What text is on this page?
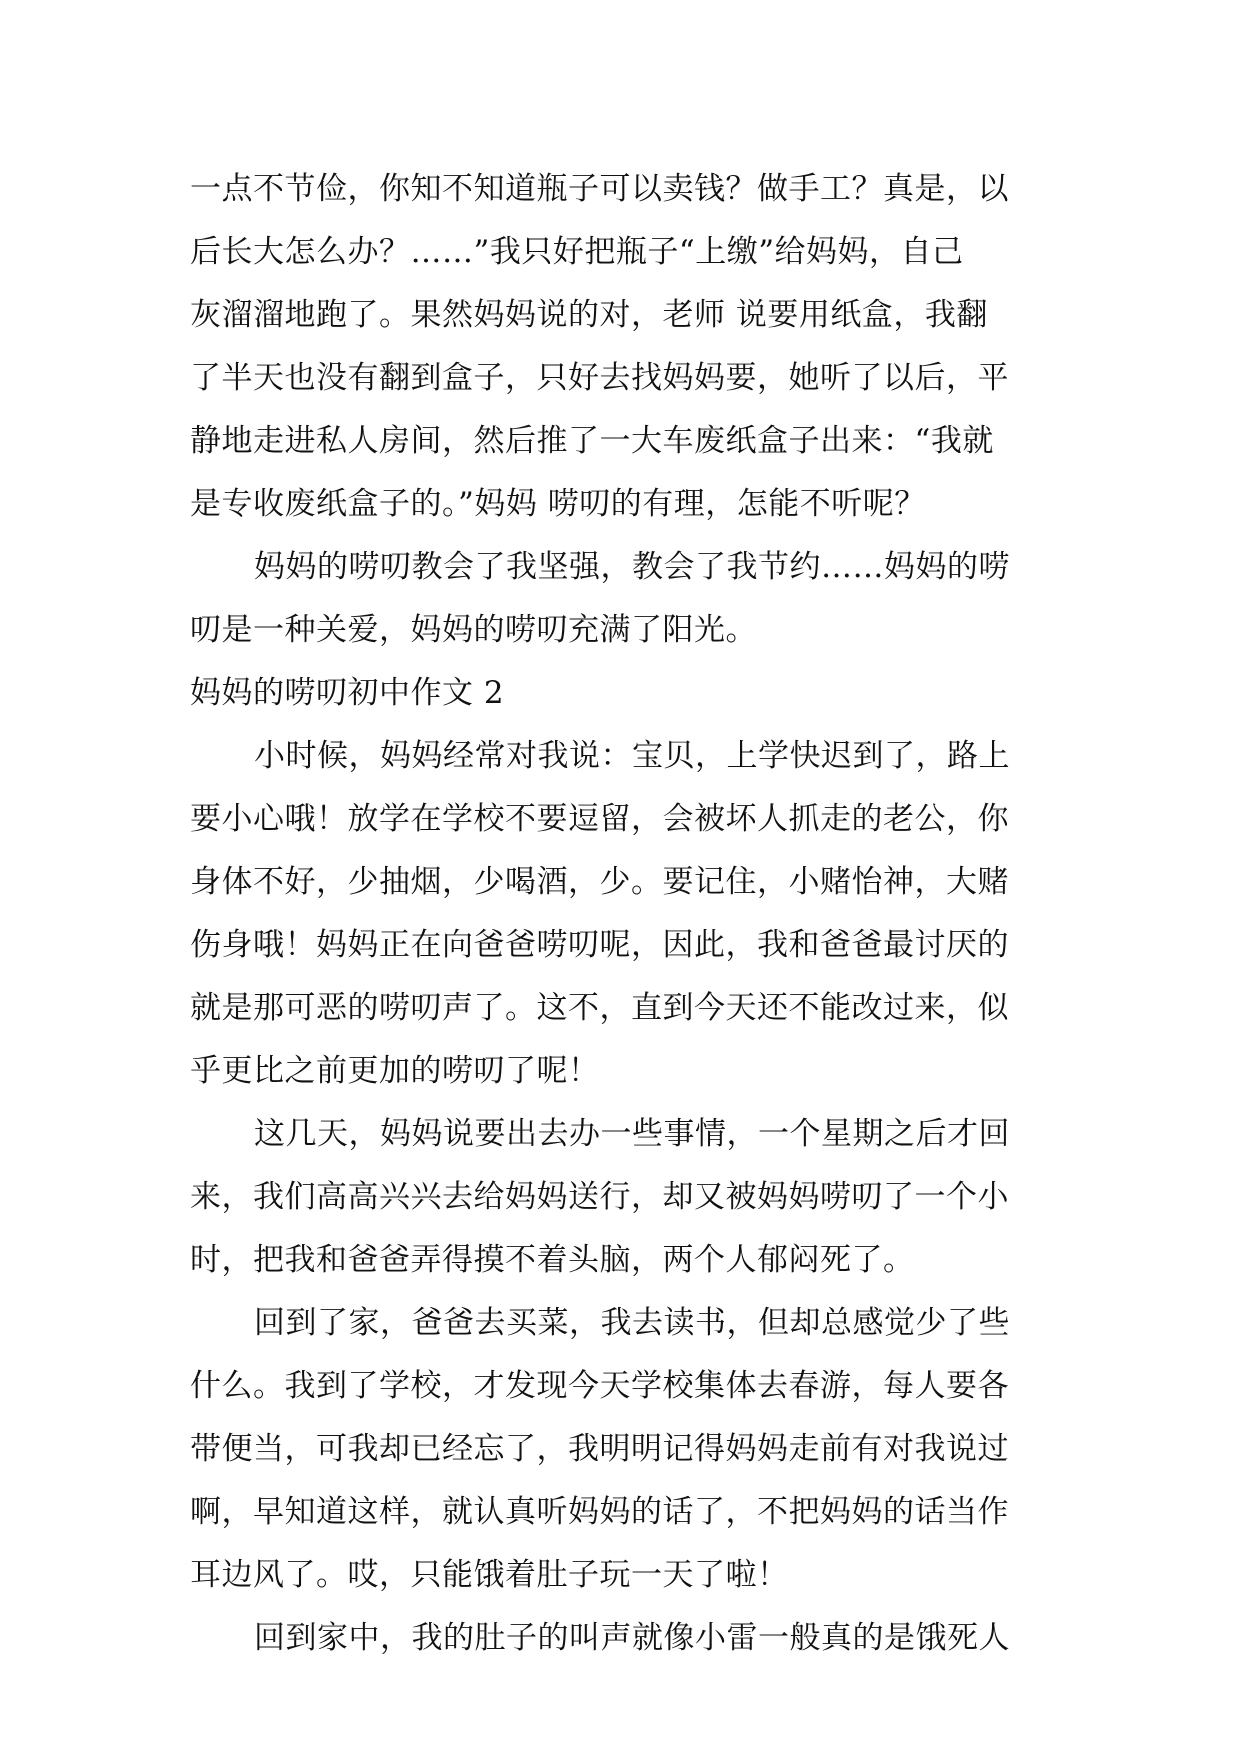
一点不节俭，你知不知道瓶子可以卖钱？做手工？真是，以
后长大怎么办？……”我只好把瓶子“上缴”给妈妈，自己
灰溜溜地跑了。果然妈妈说的对，老师 说要用纸盒，我翻
了半天也没有翻到盒子，只好去找妈妈要，她听了以后，平
静地走进私人房间，然后推了一大车废纸盒子出来：“我就
是专收废纸盒子的。”妈妈 唠叨的有理，怎能不听呢？
妈妈的唠叨教会了我坚强，教会了我节约……妈妈的唠
叨是一种关爱，妈妈的唠叨充满了阳光。
妈妈的唠叨初中作文 2
小时候，妈妈经常对我说：宝贝，上学快迟到了，路上
要小心哦！放学在学校不要逗留，会被坏人抓走的老公，你
身体不好，少抽烟，少喝酒，少。要记住，小赌怡神，大赌
伤身哦！妈妈正在向爸爸唠叨呢，因此，我和爸爸最讨厌的
就是那可恶的唠叨声了。这不，直到今天还不能改过来，似
乎更比之前更加的唠叨了呢！
这几天，妈妈说要出去办一些事情，一个星期之后才回
来，我们高高兴兴去给妈妈送行，却又被妈妈唠叨了一个小
时，把我和爸爸弄得摸不着头脑，两个人郁闷死了。
回到了家，爸爸去买菜，我去读书，但却总感觉少了些
什么。我到了学校，才发现今天学校集体去春游，每人要各
带便当，可我却已经忘了，我明明记得妈妈走前有对我说过
啊，早知道这样，就认真听妈妈的话了，不把妈妈的话当作
耳边风了。哎，只能饿着肚子玩一天了啦！
回到家中，我的肚子的叫声就像小雷一般真的是饿死人
